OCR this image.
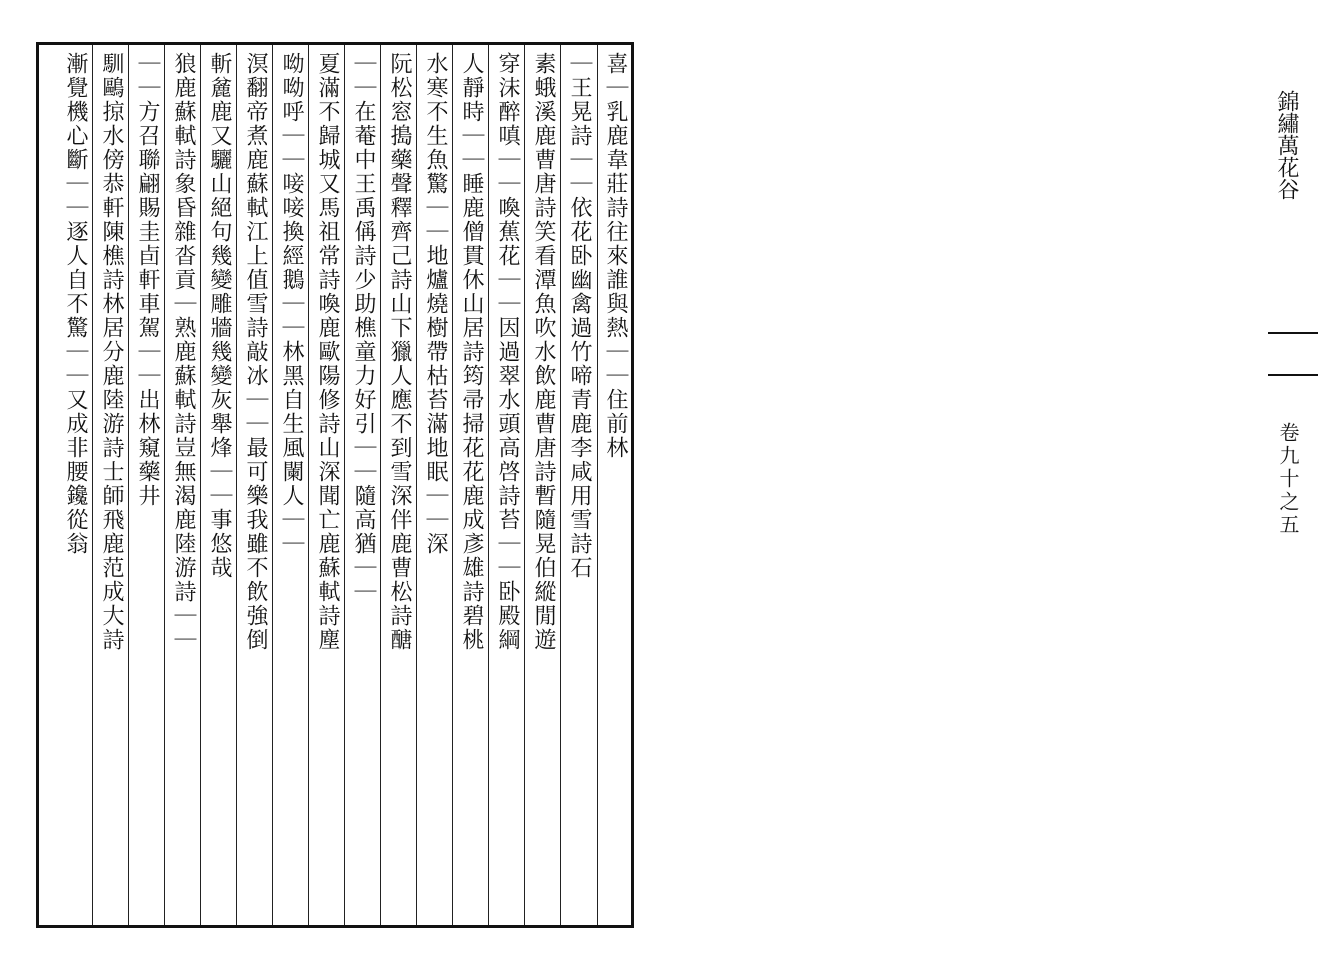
錦繡萬花谷
卷九十之五
喜｜乳鹿韋莊詩往來誰與熱｜｜住前林
｜王晃詩｜｜依花卧幽禽過竹啼青鹿李咸用雪詩石
素蛾溪鹿曹唐詩笑看潭魚吹水飲鹿曹唐詩暫隨晃伯縱閒遊
穿沫醉嗔｜｜喚蕉花｜｜因過翠水頭高啓詩苔｜｜卧殿綱
人靜時｜｜睡鹿僧貫休山居詩筠帚掃花花鹿成彥雄詩碧桃
水寒不生魚驚｜｜地爐燒樹帶枯苔滿地眠｜｜深
阮松窓搗藥聲釋齊己詩山下獵人應不到雪深伴鹿曹松詩醣
｜｜在菴中王禹偁詩少助樵童力好引｜｜隨高猶｜｜
夏滿不歸城又馬祖常詩喚鹿歐陽修詩山深聞亡鹿蘇軾詩塵
呦呦呼｜｜唼唼換經鵝｜｜林黑自生風闌人｜｜
溟翻帝煮鹿蘇軾江上值雪詩敲冰｜｜最可樂我雖不飲強倒
斬麄鹿又驪山絕句幾變雕牆幾變灰舉烽｜｜事悠哉
狼鹿蘇軾詩象昏雜沓貢｜熟鹿蘇軾詩豈無渴鹿陸游詩｜｜
｜｜方召聯翩賜圭卣軒車駕｜｜出林窺藥井
馴鷗掠水傍恭軒陳樵詩林居分鹿陸游詩士師飛鹿范成大詩
漸覺機心斷｜｜逐人自不驚｜｜又成非腰鑱從翁
